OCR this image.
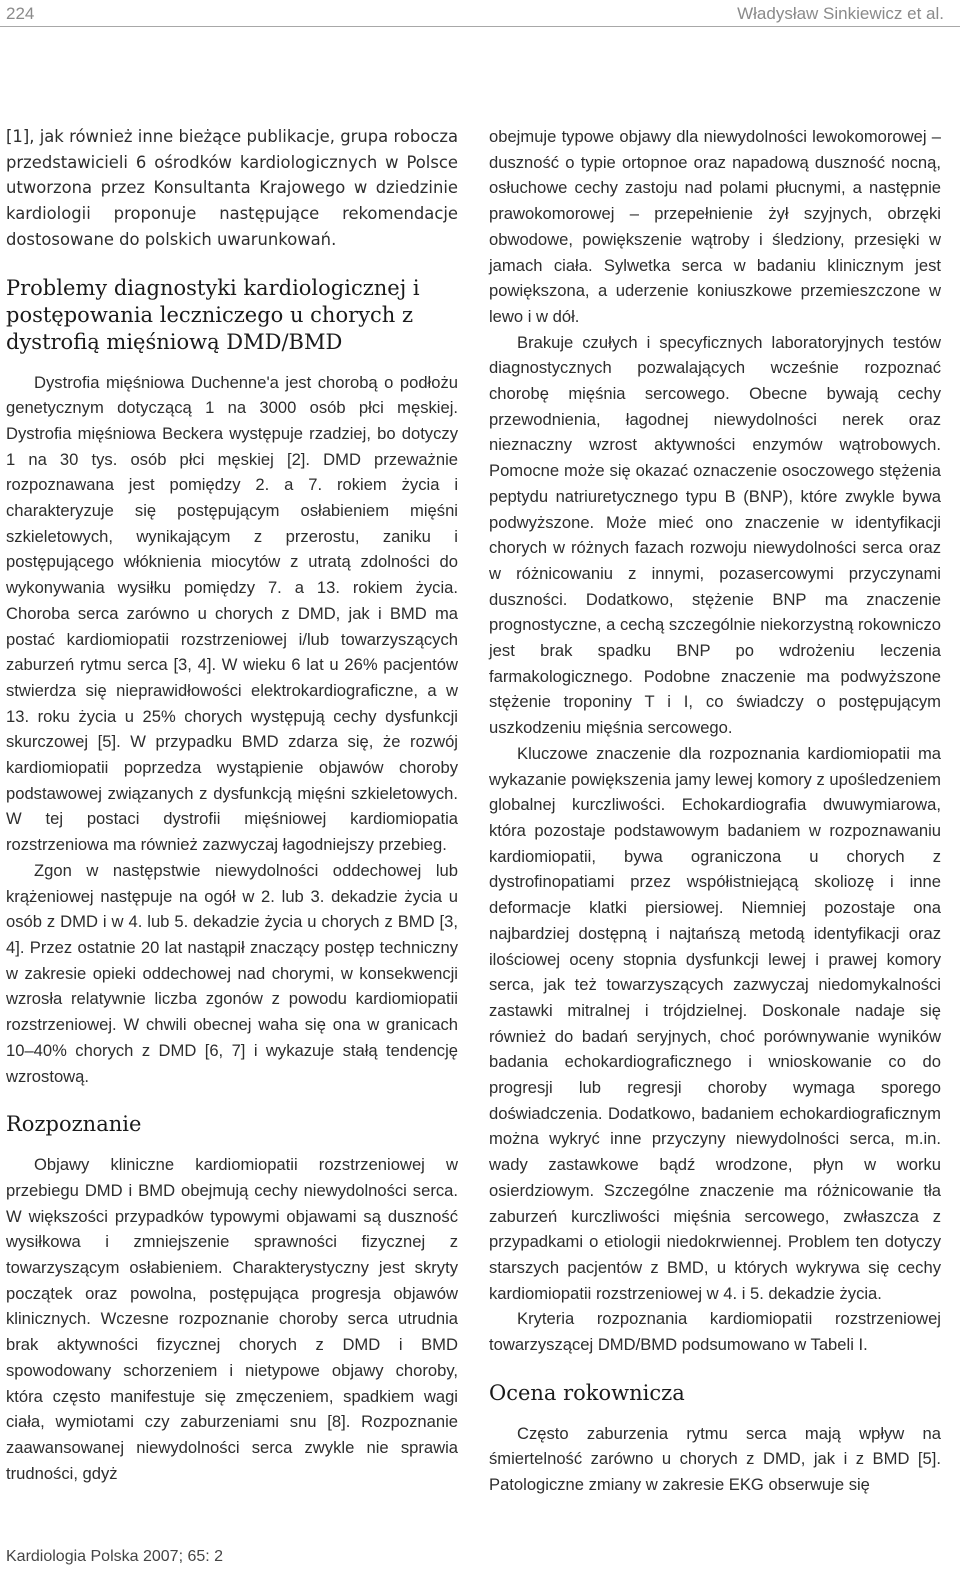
224	Władysław Sinkiewicz et al.

[1], jak również inne bieżące publikacje, grupa robocza przedstawicieli 6 ośrodków kardiologicznych w Polsce utworzona przez Konsultanta Krajowego w dziedzinie kardiologii proponuje następujące rekomendacje dostosowane do polskich uwarunkowań.

Problemy diagnostyki kardiologicznej i postępowania leczniczego u chorych z dystrofią mięśniową DMD/BMD

Dystrofia mięśniowa Duchenne'a jest chorobą o podłożu genetycznym dotyczącą 1 na 3000 osób płci męskiej. Dystrofia mięśniowa Beckera występuje rzadziej, bo dotyczy 1 na 30 tys. osób płci męskiej [2]. DMD przeważnie rozpoznawana jest pomiędzy 2. a 7. rokiem życia i charakteryzuje się postępującym osłabieniem mięśni szkieletowych, wynikającym z przerostu, zaniku i postępującego włóknienia miocytów z utratą zdolności do wykonywania wysiłku pomiędzy 7. a 13. rokiem życia. Choroba serca zarówno u chorych z DMD, jak i BMD ma postać kardiomiopatii rozstrzeniowej i/lub towarzyszących zaburzeń rytmu serca [3, 4]. W wieku 6 lat u 26% pacjentów stwierdza się nieprawidłowości elektrokardiograficzne, a w 13. roku życia u 25% chorych występują cechy dysfunkcji skurczowej [5]. W przypadku BMD zdarza się, że rozwój kardiomiopatii poprzedza wystąpienie objawów choroby podstawowej związanych z dysfunkcją mięśni szkieletowych. W tej postaci dystrofii mięśniowej kardiomiopatia rozstrzeniowa ma również zazwyczaj łagodniejszy przebieg.

Zgon w następstwie niewydolności oddechowej lub krążeniowej następuje na ogół w 2. lub 3. dekadzie życia u osób z DMD i w 4. lub 5. dekadzie życia u chorych z BMD [3, 4]. Przez ostatnie 20 lat nastąpił znaczący postęp techniczny w zakresie opieki oddechowej nad chorymi, w konsekwencji wzrosła relatywnie liczba zgonów z powodu kardiomiopatii rozstrzeniowej. W chwili obecnej waha się ona w granicach 10–40% chorych z DMD [6, 7] i wykazuje stałą tendencję wzrostową.

Rozpoznanie

Objawy kliniczne kardiomiopatii rozstrzeniowej w przebiegu DMD i BMD obejmują cechy niewydolności serca. W większości przypadków typowymi objawami są duszność wysiłkowa i zmniejszenie sprawności fizycznej z towarzyszącym osłabieniem. Charakterystyczny jest skryty początek oraz powolna, postępująca progresja objawów klinicznych. Wczesne rozpoznanie choroby serca utrudnia brak aktywności fizycznej chorych z DMD i BMD spowodowany schorzeniem i nietypowe objawy choroby, która często manifestuje się zmęczeniem, spadkiem wagi ciała, wymiotami czy zaburzeniami snu [8]. Rozpoznanie zaawansowanej niewydolności serca zwykle nie sprawia trudności, gdyż

obejmuje typowe objawy dla niewydolności lewokomorowej – duszność o typie ortopnoe oraz napadową duszność nocną, osłuchowe cechy zastoju nad polami płucnymi, a następnie prawokomorowej – przepełnienie żył szyjnych, obrzęki obwodowe, powiększenie wątroby i śledziony, przesięki w jamach ciała. Sylwetka serca w badaniu klinicznym jest powiększona, a uderzenie koniuszkowe przemieszczone w lewo i w dół.

Brakuje czułych i specyficznych laboratoryjnych testów diagnostycznych pozwalających wcześnie rozpoznać chorobę mięśnia sercowego. Obecne bywają cechy przewodnienia, łagodnej niewydolności nerek oraz nieznaczny wzrost aktywności enzymów wątrobowych. Pomocne może się okazać oznaczenie osoczowego stężenia peptydu natriuretycznego typu B (BNP), które zwykle bywa podwyższone. Może mieć ono znaczenie w identyfikacji chorych w różnych fazach rozwoju niewydolności serca oraz w różnicowaniu z innymi, pozasercowymi przyczynami duszności. Dodatkowo, stężenie BNP ma znaczenie prognostyczne, a cechą szczególnie niekorzystną rokowniczo jest brak spadku BNP po wdrożeniu leczenia farmakologicznego. Podobne znaczenie ma podwyższone stężenie troponiny T i I, co świadczy o postępującym uszkodzeniu mięśnia sercowego.

Kluczowe znaczenie dla rozpoznania kardiomiopatii ma wykazanie powiększenia jamy lewej komory z upośledzeniem globalnej kurczliwości. Echokardiografia dwuwymiarowa, która pozostaje podstawowym badaniem w rozpoznawaniu kardiomiopatii, bywa ograniczona u chorych z dystrofinopatiami przez współistniejącą skoliozę i inne deformacje klatki piersiowej. Niemniej pozostaje ona najbardziej dostępną i najtańszą metodą identyfikacji oraz ilościowej oceny stopnia dysfunkcji lewej i prawej komory serca, jak też towarzyszących zazwyczaj niedomykalności zastawki mitralnej i trójdzielnej. Doskonale nadaje się również do badań seryjnych, choć porównywanie wyników badania echokardiograficznego i wnioskowanie co do progresji lub regresji choroby wymaga sporego doświadczenia. Dodatkowo, badaniem echokardiograficznym można wykryć inne przyczyny niewydolności serca, m.in. wady zastawkowe bądź wrodzone, płyn w worku osierdziowym. Szczególne znaczenie ma różnicowanie tła zaburzeń kurczliwości mięśnia sercowego, zwłaszcza z przypadkami o etiologii niedokrwiennej. Problem ten dotyczy starszych pacjentów z BMD, u których wykrywa się cechy kardiomiopatii rozstrzeniowej w 4. i 5. dekadzie życia.

Kryteria rozpoznania kardiomiopatii rozstrzeniowej towarzyszącej DMD/BMD podsumowano w Tabeli I.

Ocena rokownicza

Często zaburzenia rytmu serca mają wpływ na śmiertelność zarówno u chorych z DMD, jak i z BMD [5]. Patologiczne zmiany w zakresie EKG obserwuje się

Kardiologia Polska 2007; 65: 2
